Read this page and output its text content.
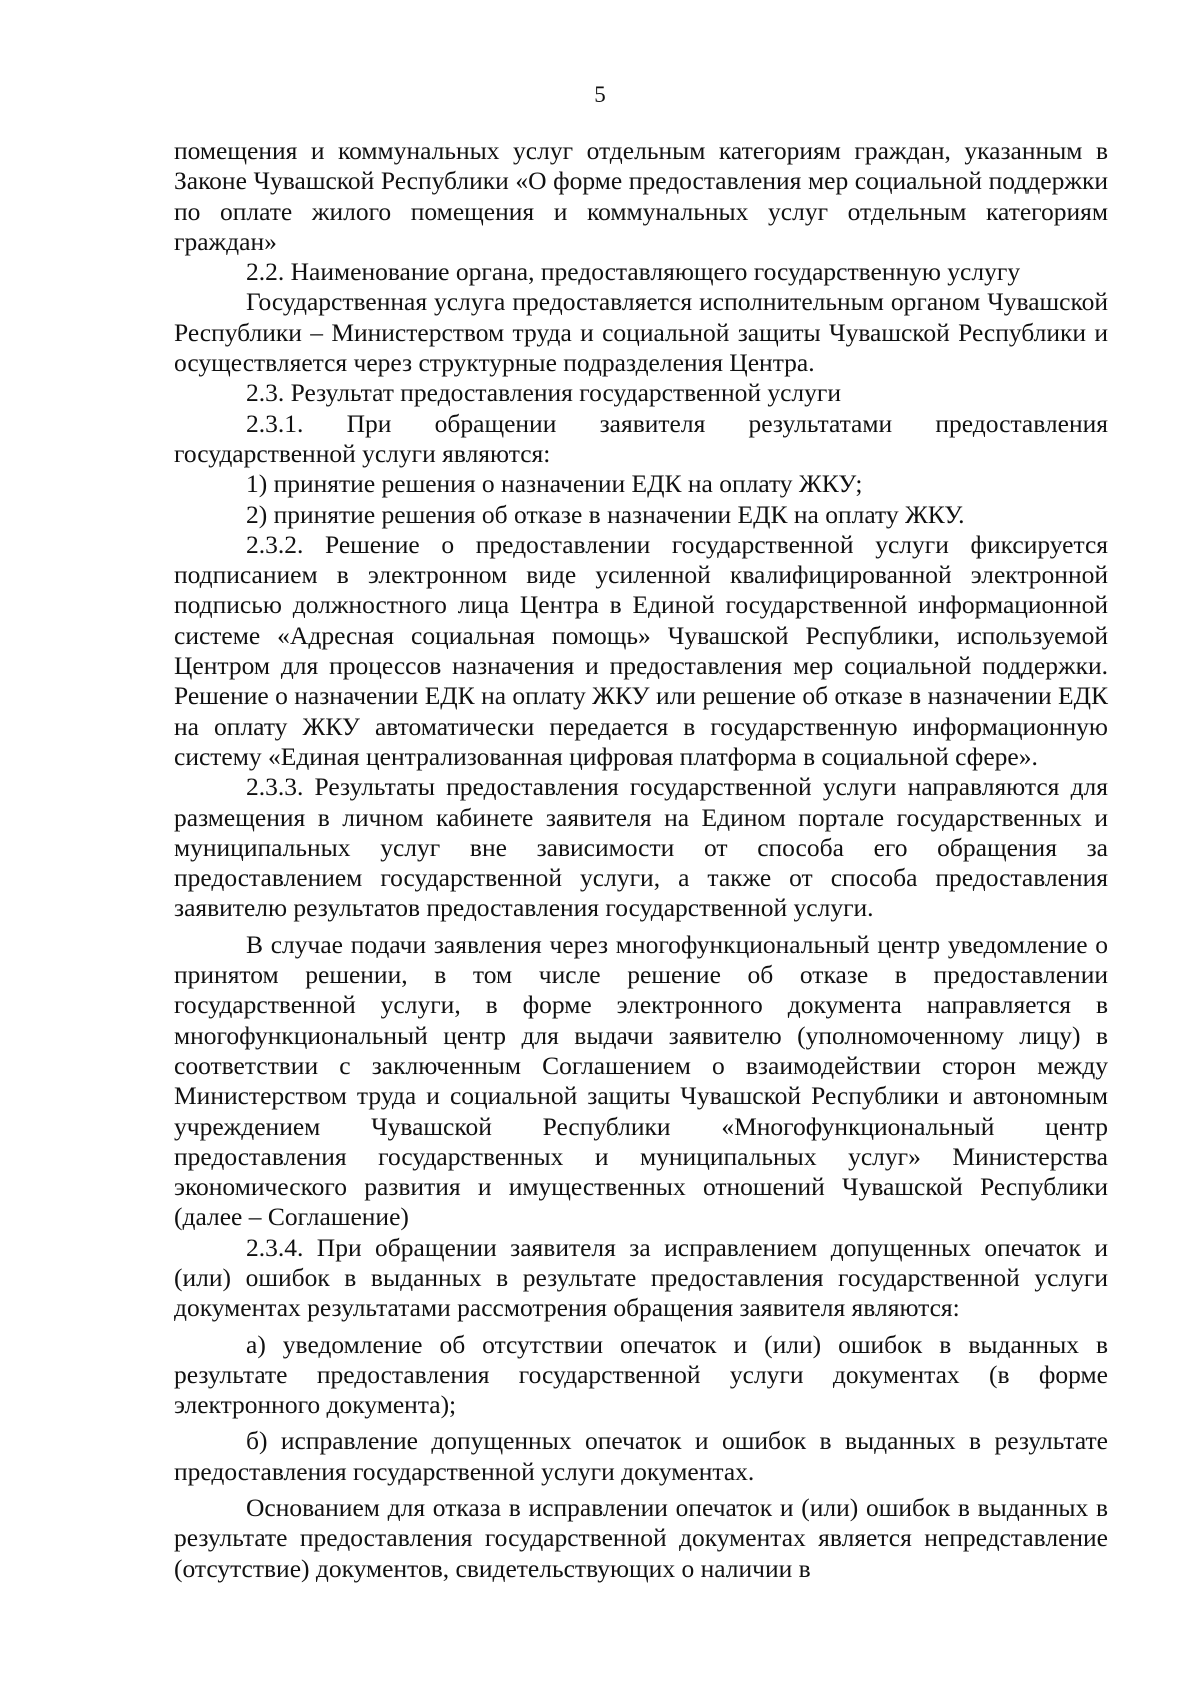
5

помещения и коммунальных услуг отдельным категориям граждан, указанным в Законе Чувашской Республики «О форме предоставления мер социальной поддержки по оплате жилого помещения и коммунальных услуг отдельным категориям граждан»

2.2. Наименование органа, предоставляющего государственную услугу

Государственная услуга предоставляется исполнительным органом Чувашской Республики – Министерством труда и социальной защиты Чувашской Республики и осуществляется через структурные подразделения Центра.

2.3. Результат предоставления государственной услуги

2.3.1. При обращении заявителя результатами предоставления государственной услуги являются:

1) принятие решения о назначении ЕДК на оплату ЖКУ;

2) принятие решения об отказе в назначении ЕДК на оплату ЖКУ.

2.3.2. Решение о предоставлении государственной услуги фиксируется подписанием в электронном виде усиленной квалифицированной электронной подписью должностного лица Центра в Единой государственной информационной системе «Адресная социальная помощь» Чувашской Республики, используемой Центром для процессов назначения и предоставления мер социальной поддержки. Решение о назначении ЕДК на оплату ЖКУ или решение об отказе в назначении ЕДК на оплату ЖКУ автоматически передается в государственную информационную систему «Единая централизованная цифровая платформа в социальной сфере».

2.3.3. Результаты предоставления государственной услуги направляются для размещения в личном кабинете заявителя на Едином портале государственных и муниципальных услуг вне зависимости от способа его обращения за предоставлением государственной услуги, а также от способа предоставления заявителю результатов предоставления государственной услуги.

В случае подачи заявления через многофункциональный центр уведомление о принятом решении, в том числе решение об отказе в предоставлении государственной услуги, в форме электронного документа направляется в многофункциональный центр для выдачи заявителю (уполномоченному лицу) в соответствии с заключенным Соглашением о взаимодействии сторон между Министерством труда и социальной защиты Чувашской Республики и автономным учреждением Чувашской Республики «Многофункциональный центр предоставления государственных и муниципальных услуг» Министерства экономического развития и имущественных отношений Чувашской Республики (далее – Соглашение)

2.3.4. При обращении заявителя за исправлением допущенных опечаток и (или) ошибок в выданных в результате предоставления государственной услуги документах результатами рассмотрения обращения заявителя являются:

а) уведомление об отсутствии опечаток и (или) ошибок в выданных в результате предоставления государственной услуги документах (в форме электронного документа);

б) исправление допущенных опечаток и ошибок в выданных в результате предоставления государственной услуги документах.

Основанием для отказа в исправлении опечаток и (или) ошибок в выданных в результате предоставления государственной документах является непредставление (отсутствие) документов, свидетельствующих о наличии в
